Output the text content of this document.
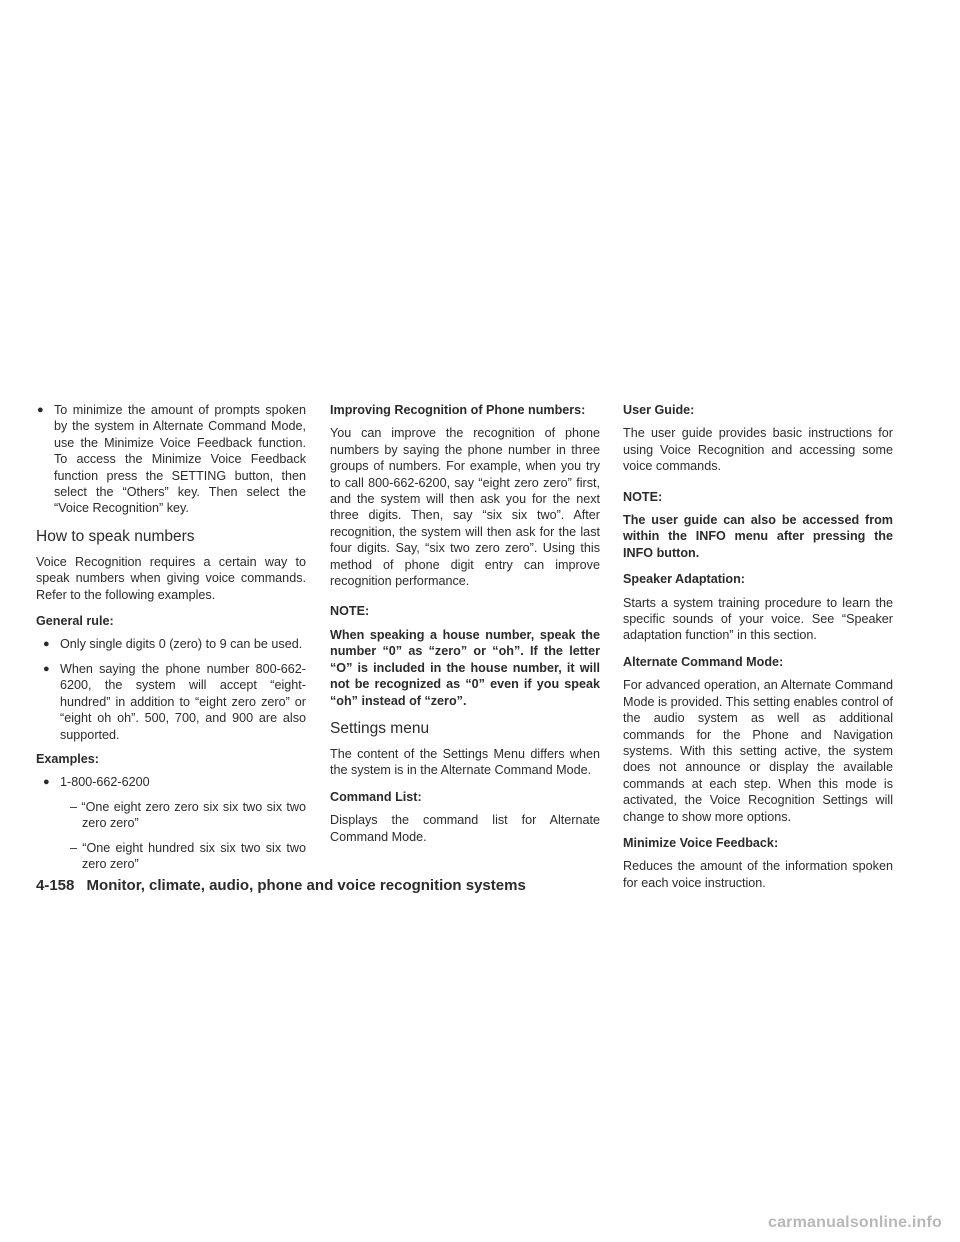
● To minimize the amount of prompts spoken by the system in Alternate Command Mode, use the Minimize Voice Feedback function. To access the Minimize Voice Feedback function press the SETTING button, then select the “Others” key. Then select the “Voice Recognition” key.
How to speak numbers

Voice Recognition requires a certain way to speak numbers when giving voice commands. Refer to the following examples.

General rule:
● Only single digits 0 (zero) to 9 can be used.
● When saying the phone number 800-662-6200, the system will accept “eight-hundred” in addition to “eight zero zero” or “eight oh oh”. 500, 700, and 900 are also supported.
Examples:
● 1-800-662-6200
– “One eight zero zero six six two six two zero zero”
– “One eight hundred six six two six two zero zero”
Improving Recognition of Phone numbers:

You can improve the recognition of phone numbers by saying the phone number in three groups of numbers. For example, when you try to call 800-662-6200, say “eight zero zero” first, and the system will then ask you for the next three digits. Then, say “six six two”. After recognition, the system will then ask for the last four digits. Say, “six two zero zero”. Using this method of phone digit entry can improve recognition performance.

NOTE:

When speaking a house number, speak the number “0” as “zero” or “oh”. If the letter “O” is included in the house number, it will not be recognized as “0” even if you speak “oh” instead of “zero”.

Settings menu

The content of the Settings Menu differs when the system is in the Alternate Command Mode.

Command List:

Displays the command list for Alternate Command Mode.

User Guide:

The user guide provides basic instructions for using Voice Recognition and accessing some voice commands.

NOTE:

The user guide can also be accessed from within the INFO menu after pressing the INFO button.

Speaker Adaptation:

Starts a system training procedure to learn the specific sounds of your voice. See “Speaker adaptation function” in this section.

Alternate Command Mode:

For advanced operation, an Alternate Command Mode is provided. This setting enables control of the audio system as well as additional commands for the Phone and Navigation systems. With this setting active, the system does not announce or display the available commands at each step. When this mode is activated, the Voice Recognition Settings will change to show more options.

Minimize Voice Feedback:

Reduces the amount of the information spoken for each voice instruction.

4-158 Monitor, climate, audio, phone and voice recognition systems
carmanualsonline.info
